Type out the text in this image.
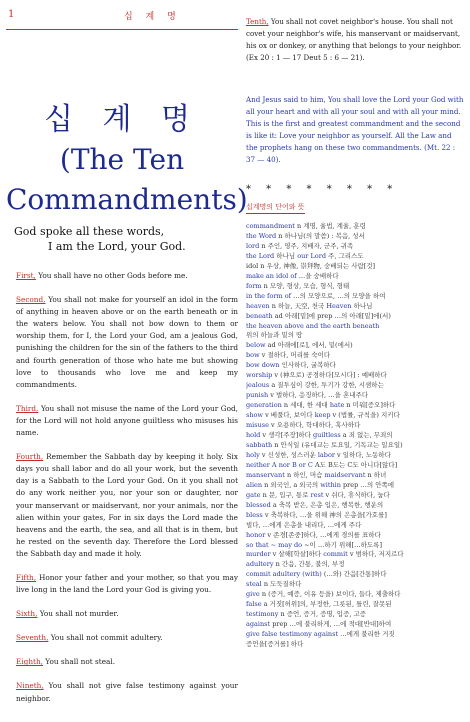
1	십 계 명
십 계 명
(The Ten
Commandments)
God spoke all these words,
I am the Lord, your God.
First, You shall have no other Gods before me.
Second, You shall not make for yourself an idol in the form of anything in heaven above or on the earth beneath or in the waters below. You shall not bow down to them or worship them, for I, the Lord your God, am a jealous God, punishing the children for the sin of the fathers to the third and fourth generation of those who hate me but showing love to thousands who love me and keep my commandments.
Third, You shall not misuse the name of the Lord your God, for the Lord will not hold anyone guiltless who misuses his name.
Fourth, Remember the Sabbath day by keeping it holy. Six days you shall labor and do all your work, but the seventh day is a Sabbath to the Lord your God. On it you shall not do any work neither you, nor your son or daughter, nor your manservant or maidservant, nor your animals, nor the alien within your gates, For in six days the Lord made the heavens and the earth, the sea, and all that is in them, but he rested on the seventh day. Therefore the Lord blessed the Sabbath day and made it holy.
Fifth, Honor your father and your mother, so that you may live long in the land the Lord your God is giving you.
Sixth, You shall not murder.
Seventh, You shall not commit adultery.
Eighth, You shall not steal.
Nineth, You shall not give false testimony against your neighbor.
Tenth, You shall not covet neighbor's house. You shall not covet your neighbor's wife, his manservant or maidservant, his ox or donkey, or anything that belongs to your neighbor. (Ex 20 : 1 — 17 Deut 5 : 6 — 21).
And Jesus said to him, You shall love the Lord your God with all your heart and with all your soul and with all your mind. This is the first and greatest commandment and the second is like it: Love your neighbor as yourself. All the Law and the prophets hang on these two commandments. (Mt. 22 : 37 — 40).
* * * * * * * *
십계명의 단어와 뜻
commandment n 계명, 율법, 계율, 훈령
the Word n 하나님(의 말씀) : 복음, 성서
lord n 주인, 영주, 지배자, 군주, 귀족
the Lord 하나님 our Lord 주, 그리스도
idol n 우상, 神像, 崇拜物, 숭배되는 사람[것]
make an idol of …을 숭배하다
form n 모양, 형상, 모습, 형식, 형태
in the form of …의 모양으로, …의 모양을 하여
heaven n 하늘, 天空, 천국 Heaven 하나님
beneath ad 아래[밑]에 prep …의 아래[밑]에(서)
the heaven above and the earth beneath
위의 하늘과 밑의 땅
below ad 아래에[로], 에서, 밑(에서)
bow v 절하다, 머리를 숙이다
bow down 인사하다, 굴복하다
worship v (神으로) 공경하다[모시다] : 예배하다
jealous a 질투심이 강한, 투기가 강한, 시샘하는
punish v 벌하다, 응징하다, …을 혼내주다
generation n 세대, 한 세대 hate n 미워[증오]하다
show v 베풀다, 보이다 keep v (법률, 규칙을) 지키다
misuse v 오용하다, 학대하다, 혹사하다
hold v 생각[주장]하다 guiltless a 죄 없는, 무죄의
sabbath n 안식일 (유대교는 토요일, 기독교는 일요일)
holy v 신성한, 성스러운 labor v 일하다, 노동하다
neither A nor B or C A도 B도는 C도 아니다[않다]
manservant n 하인, 머슴 maidservant n 하녀
alien n 외국인, a 외국의 within prep …의 안쪽에
gate n 문, 입구, 통로 rest v 쉬다, 휴식하다, 눕다
blessed a 축복 받은, 은총 입은, 행복한, 행운의
bless v 축복하다, …을 위해 神의 은총을[가호를]
빌다, …에게 은총을 내리다, …에게 주다
honor v 존경[존중]하다, …에게 경의를 표하다
so that ~ may do ~이 …하기 위해[…하도록]
murder v 살해[학살]하다 commit v 범하다, 저지르다
adultery n 간음, 간통, 불의, 부정
commit adultery (with) (…와) 간음[간통]하다
steal n 도둑질하다
give n (증거, 예증, 이유 등을) 보이다, 들다, 제출하다
false a 거짓[허위]의, 부정한, 그릇된, 틀린, 잘못된
testimony n 증언, 증거, 증명, 입증, 고증
against prep …에 불리하게, …에 적대[반대]하여
give false testimony against …에게 불리한 거짓
증언을[증거를] 하다
